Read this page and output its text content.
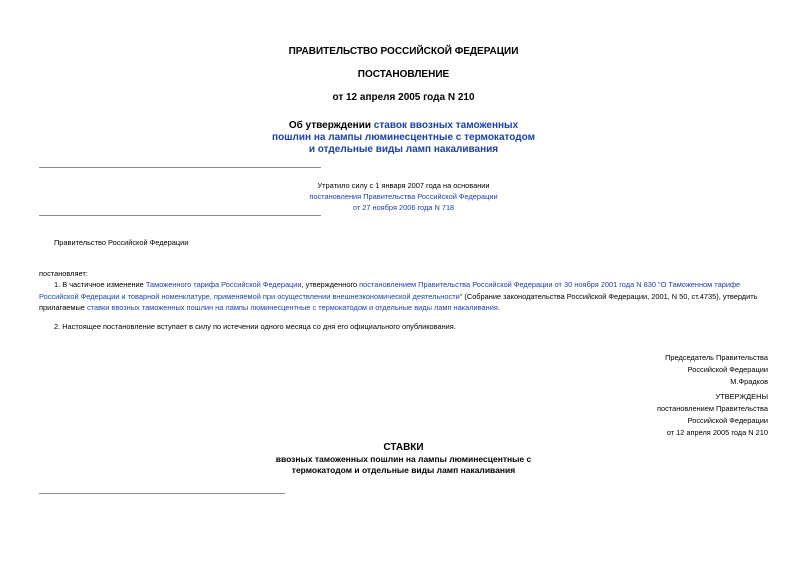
ПРАВИТЕЛЬСТВО РОССИЙСКОЙ ФЕДЕРАЦИИ
ПОСТАНОВЛЕНИЕ
от 12 апреля 2005 года N 210
Об утверждении ставок ввозных таможенных
пошлин на лампы люминесцентные с термокатодом
и отдельные виды ламп накаливания
Утратило силу с 1 января 2007 года на основании
постановления Правительства Российской Федерации
от 27 ноября 2006 года N 718
Правительство Российской Федерации
постановляет:
1. В частичное изменение Таможенного тарифа Российской Федерации, утвержденного постановлением Правительства Российской Федерации от 30 ноября 2001 года N 830 "О Таможенном тарифе Российской Федерации и товарной номенклатуре, применяемой при осуществлении внешнеэкономической деятельности" (Собрание законодательства Российской Федерации, 2001, N 50, ст.4735), утвердить прилагаемые ставки ввозных таможенных пошлин на лампы люминесцентные с термокатодом и отдельные виды ламп накаливания.
2. Настоящее постановление вступает в силу по истечении одного месяца со дня его официального опубликования.
Председатель Правительства
Российской Федерации
М.Фрадков
УТВЕРЖДЕНЫ
постановлением Правительства
Российской Федерации
от 12 апреля 2005 года N 210
СТАВКИ
ввозных таможенных пошлин на лампы люминесцентные с
термокатодом и отдельные виды ламп накаливания
